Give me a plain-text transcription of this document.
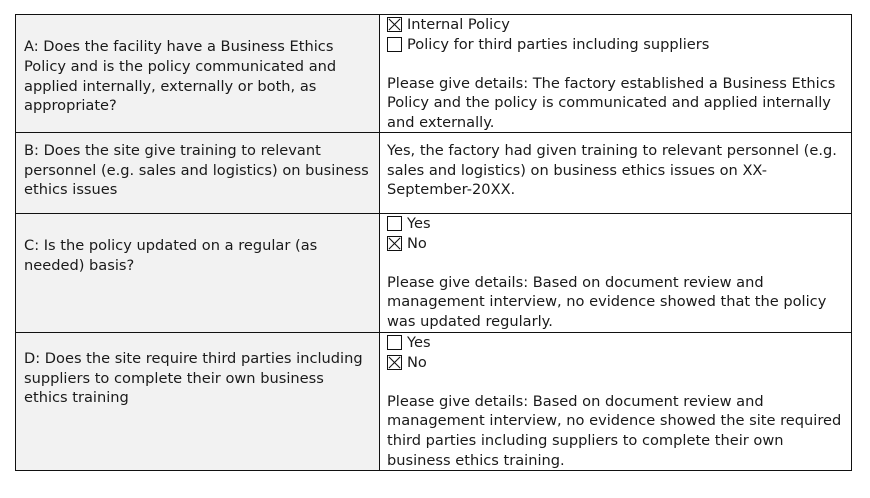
A: Does the facility have a Business Ethics Policy and is the policy communicated and applied internally, externally or both, as appropriate?
Internal Policy
Policy for third parties including suppliers
Please give details: The factory established a Business Ethics Policy and the policy is communicated and applied internally and externally.
B: Does the site give training to relevant personnel (e.g. sales and logistics) on business ethics issues
Yes, the factory had given training to relevant personnel (e.g. sales and logistics) on business ethics issues on XX-September-20XX.
C: Is the policy updated on a regular (as needed) basis?
Yes
No
Please give details: Based on document review and management interview, no evidence showed that the policy was updated regularly.
D: Does the site require third parties including suppliers to complete their own business ethics training
Yes
No
Please give details: Based on document review and management interview, no evidence showed the site required third parties including suppliers to complete their own business ethics training.
